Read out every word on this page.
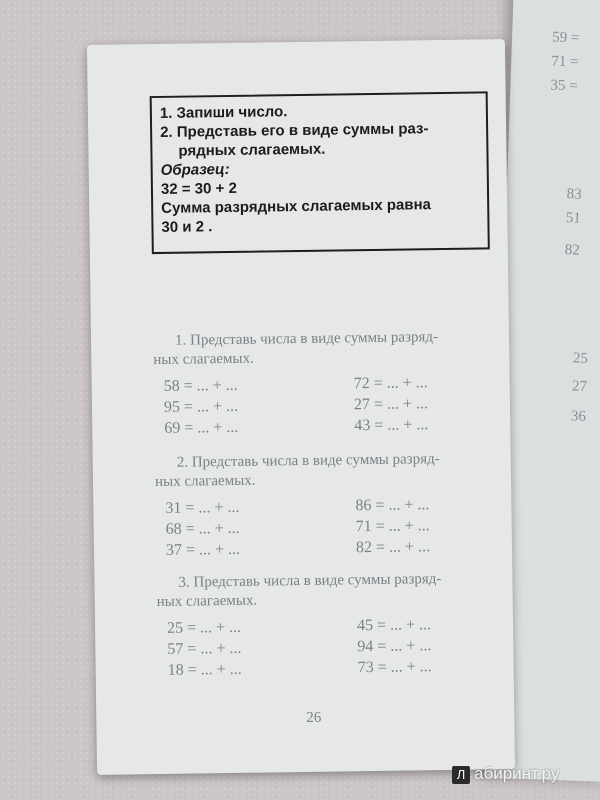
59 =
71 =
35 =
83
51
82
25
27
36
1. Запиши число.
2. Представь его в виде суммы раз-
рядных слагаемых.
Образец:
32 = 30 + 2
Сумма разрядных слагаемых равна
30 и 2 .
1. Представь числа в виде суммы разряд-
ных слагаемых.
58 = ... + ...	72 = ... + ...
95 = ... + ...	27 = ... + ...
69 = ... + ...	43 = ... + ...
2. Представь числа в виде суммы разряд-
ных слагаемых.
31 = ... + ...	86 = ... + ...
68 = ... + ...	71 = ... + ...
37 = ... + ...	82 = ... + ...
3. Представь числа в виде суммы разряд-
ных слагаемых.
25 = ... + ...	45 = ... + ...
57 = ... + ...	94 = ... + ...
18 = ... + ...	73 = ... + ...
26
Л абиринт.ру
